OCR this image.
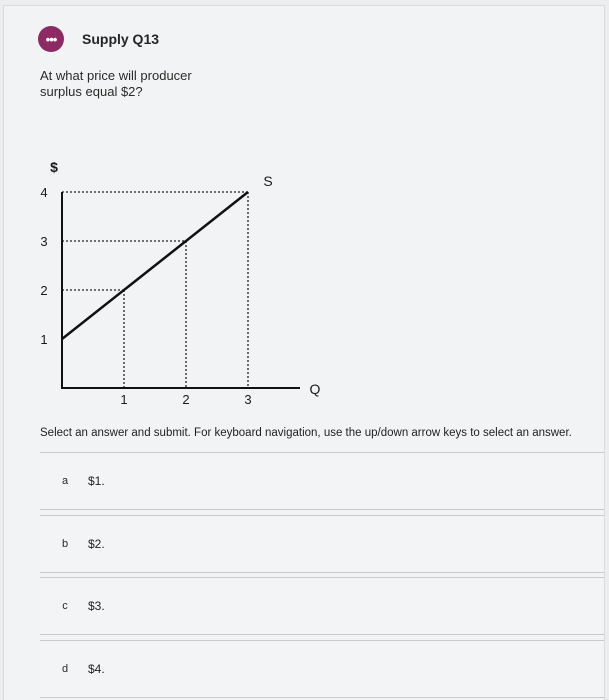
•••	Supply Q13
At what price will producer surplus equal $2?
$
1
2
3
4
1	2	3
S
Q
Select an answer and submit. For keyboard navigation, use the up/down arrow keys to select an answer.
a	$1.
b	$2.
c	$3.
d	$4.
